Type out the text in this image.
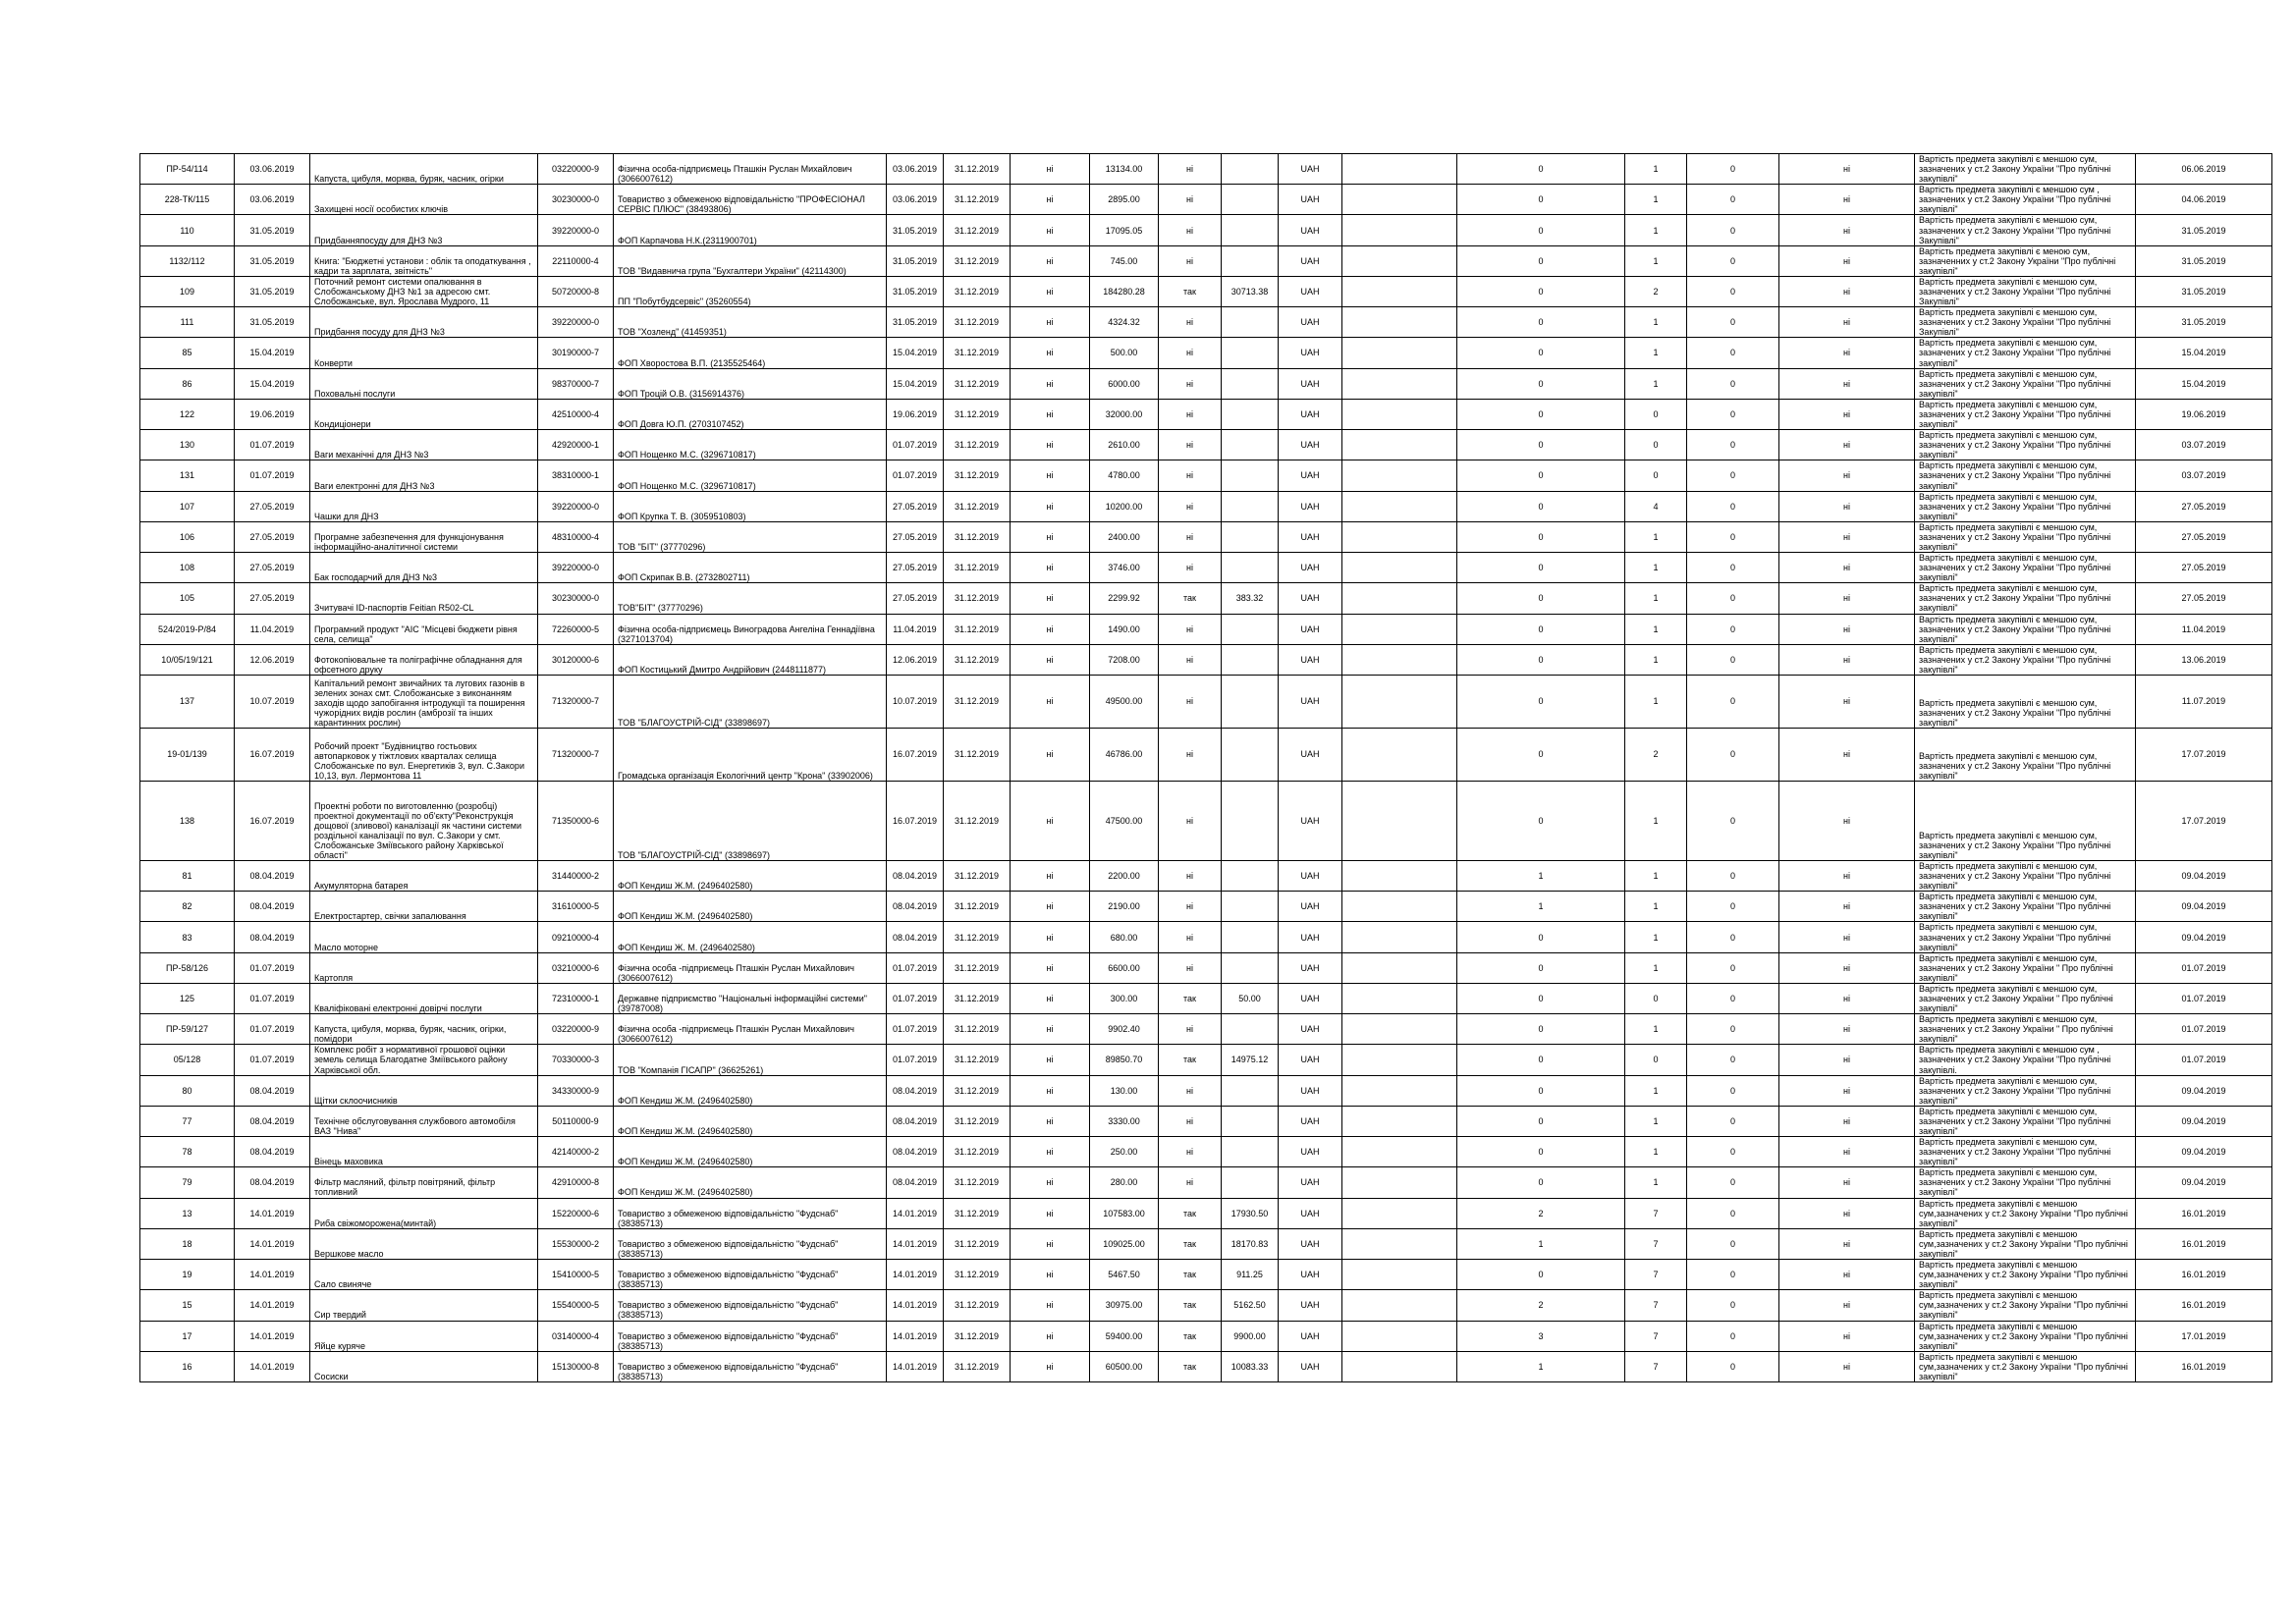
ПР-54/114	03.06.2019	Капуста, цибуля, морква, буряк, часник, огірки	03220000-9	Фізична особа-підприємець Пташкін Руслан Михайлович (3066007612)	03.06.2019	31.12.2019	ні	13134.00	ні		UAH		0	1	0	ні	Вартість предмета закупівлі є меншою сум, зазначених у ст.2 Закону України "Про публічні закупівлі"	06.06.2019
228-ТК/115	03.06.2019	Захищені носії особистих ключів	30230000-0	Товариство з обмеженою відповідальністю "ПРОФЕСІОНАЛ СЕРВІС ПЛЮС" (38493806)	03.06.2019	31.12.2019	ні	2895.00	ні		UAH		0	1	0	ні	Вартість предмета закупівлі є меншою сум , зазначених у ст.2 Закону України "Про публічні закупівлі"	04.06.2019
110	31.05.2019	Придбанняпосуду для ДНЗ №3	39220000-0	ФОП Карпачова Н.К.(2311900701)	31.05.2019	31.12.2019	ні	17095.05	ні		UAH		0	1	0	ні	Вартість предмета закупівлі є меншою сум, зазначених у ст.2 Закону України "Про публічні Закупівлі"	31.05.2019
1132/112	31.05.2019	Книга: "Бюджетні установи : облік та оподаткування , кадри та зарплата, звітність"	22110000-4	ТОВ "Видавнича група "Бухгалтери України" (42114300)	31.05.2019	31.12.2019	ні	745.00	ні		UAH		0	1	0	ні	Вартість предмета закупівлі є меною сум, зазначенних у ст.2 Закону України "Про публічні закупівлі"	31.05.2019
109	31.05.2019	Поточний ремонт системи опалювання в Слобожанському ДНЗ №1 за адресою смт. Слобожанське, вул. Ярослава Мудрого, 11	50720000-8	ПП "Побутбудсервіс" (35260554)	31.05.2019	31.12.2019	ні	184280.28	так	30713.38	UAH		0	2	0	ні	Вартість предмета закупівлі є меншою сум, зазначених у ст.2 Закону України "Про публічні Закупівлі"	31.05.2019
111	31.05.2019	Придбання посуду для ДНЗ №3	39220000-0	ТОВ "Хозленд" (41459351)	31.05.2019	31.12.2019	ні	4324.32	ні		UAH		0	1	0	ні	Вартість предмета закупівлі є меншою сум, зазначених у ст.2 Закону України "Про публічні Закупівлі"	31.05.2019
85	15.04.2019	Конверти	30190000-7	ФОП Хворостова В.П. (2135525464)	15.04.2019	31.12.2019	ні	500.00	ні		UAH		0	1	0	ні	Вартість предмета закупівлі є меншою сум, зазначених у ст.2 Закону України "Про публічні закупівлі"	15.04.2019
86	15.04.2019	Поховальні послуги	98370000-7	ФОП Троцій О.В. (3156914376)	15.04.2019	31.12.2019	ні	6000.00	ні		UAH		0	1	0	ні	Вартість предмета закупівлі є меншою сум, зазначених у ст.2 Закону України "Про публічні закупівлі"	15.04.2019
122	19.06.2019	Кондиціонери	42510000-4	ФОП Довга Ю.П. (2703107452)	19.06.2019	31.12.2019	ні	32000.00	ні		UAH		0	0	0	ні	Вартість предмета закупівлі є меншою сум, зазначених у ст.2 Закону України "Про публічні закупівлі"	19.06.2019
130	01.07.2019	Ваги механічні для ДНЗ №3	42920000-1	ФОП Нощенко М.С. (3296710817)	01.07.2019	31.12.2019	ні	2610.00	ні		UAH		0	0	0	ні	Вартість предмета закупівлі є меншою сум, зазначених у ст.2 Закону України "Про публічні закупівлі"	03.07.2019
131	01.07.2019	Ваги електронні для ДНЗ №3	38310000-1	ФОП Нощенко М.С. (3296710817)	01.07.2019	31.12.2019	ні	4780.00	ні		UAH		0	0	0	ні	Вартість предмета закупівлі є меншою сум, зазначених у ст.2 Закону України "Про публічні закупівлі"	03.07.2019
107	27.05.2019	Чашки для ДНЗ	39220000-0	ФОП Крупка Т. В. (3059510803)	27.05.2019	31.12.2019	ні	10200.00	ні		UAH		0	4	0	ні	Вартість предмета закупівлі є меншою сум, зазначених у ст.2 Закону України "Про публічні закупівлі"	27.05.2019
106	27.05.2019	Програмне забезпечення для функціонування інформаційно-аналітичної системи	48310000-4	ТОВ "БІТ" (37770296)	27.05.2019	31.12.2019	ні	2400.00	ні		UAH		0	1	0	ні	Вартість предмета закупівлі є меншою сум, зазначених у ст.2 Закону України "Про публічні закупівлі"	27.05.2019
108	27.05.2019	Бак господарчий для ДНЗ №3	39220000-0	ФОП Скрипак В.В. (2732802711)	27.05.2019	31.12.2019	ні	3746.00	ні		UAH		0	1	0	ні	Вартість предмета закупівлі є меншою сум, зазначених у ст.2 Закону України "Про публічні закупівлі"	27.05.2019
105	27.05.2019	Зчитувачі ID-паспортів Feitian R502-CL	30230000-0	ТОВ"БІТ" (37770296)	27.05.2019	31.12.2019	ні	2299.92	так	383.32	UAH		0	1	0	ні	Вартість предмета закупівлі є меншою сум, зазначених у ст.2 Закону України "Про публічні закупівлі"	27.05.2019
524/2019-Р/84	11.04.2019	Програмний продукт "АІС "Місцеві бюджети рівня села, селища"	72260000-5	Фізична особа-підприємець Виноградова Ангеліна Геннадіївна (3271013704)	11.04.2019	31.12.2019	ні	1490.00	ні		UAH		0	1	0	ні	Вартість предмета закупівлі є меншою сум, зазначених у ст.2 Закону України "Про публічні закупівлі"	11.04.2019
10/05/19/121	12.06.2019	Фотокопіювальне та поліграфічне обладнання для офсетного друку	30120000-6	ФОП Костицький Дмитро Андрійович (2448111877)	12.06.2019	31.12.2019	ні	7208.00	ні		UAH		0	1	0	ні	Вартість предмета закупівлі є меншою сум, зазначених у ст.2 Закону України "Про публічні закупівлі"	13.06.2019
137	10.07.2019	Капітальний ремонт звичайних та лугових газонів в зелених зонах смт. Слобожанське з виконанням заходів щодо запобігання інтродукції та поширення чужорідних видів рослин (амброзії та інших карантинних рослин)	71320000-7	ТОВ "БЛАГОУСТРІЙ-СІД" (33898697)	10.07.2019	31.12.2019	ні	49500.00	ні		UAH		0	1	0	ні	Вартість предмета закупівлі є меншою сум, зазначених у ст.2 Закону України "Про публічні закупівлі"	11.07.2019
19-01/139	16.07.2019	Робочий проект "Будівництво гостьових автопарковок у тіжтлових кварталах селища Слобожанське по вул. Енергетиків 3, вул. С.Закори 10,13, вул. Лермонтова 11	71320000-7	Громадська організація Екологічний центр "Крона" (33902006)	16.07.2019	31.12.2019	ні	46786.00	ні		UAH		0	2	0	ні	Вартість предмета закупівлі є меншою сум, зазначених у ст.2 Закону України "Про публічні закупівлі"	17.07.2019
138	16.07.2019	Проектні роботи по виготовленню (розробці) проектної документації по об'єкту"Реконструкція дощової (зливової) каналізації як частини системи роздільної каналізації по вул. С.Закори у смт. Слобожанське Зміївського району Харківської області"	71350000-6	ТОВ "БЛАГОУСТРІЙ-СІД" (33898697)	16.07.2019	31.12.2019	ні	47500.00	ні		UAH		0	1	0	ні	Вартість предмета закупівлі є меншою сум, зазначених у ст.2 Закону України "Про публічні закупівлі"	17.07.2019
81	08.04.2019	Акумуляторна батарея	31440000-2	ФОП Кендиш Ж.М. (2496402580)	08.04.2019	31.12.2019	ні	2200.00	ні		UAH		1	1	0	ні	Вартість предмета закупівлі є меншою сум, зазначених у ст.2 Закону України "Про публічні закупівлі"	09.04.2019
82	08.04.2019	Електростартер, свічки запалювання	31610000-5	ФОП Кендиш Ж.М. (2496402580)	08.04.2019	31.12.2019	ні	2190.00	ні		UAH		1	1	0	ні	Вартість предмета закупівлі є меншою сум, зазначених у ст.2 Закону України "Про публічні закупівлі"	09.04.2019
83	08.04.2019	Масло моторне	09210000-4	ФОП Кендиш Ж. М. (2496402580)	08.04.2019	31.12.2019	ні	680.00	ні		UAH		0	1	0	ні	Вартість предмета закупівлі є меншою сум, зазначених у ст.2 Закону України "Про публічні закупівлі"	09.04.2019
ПР-58/126	01.07.2019	Картопля	03210000-6	Фізична особа -підприємець Пташкін Руслан Михайлович (3066007612)	01.07.2019	31.12.2019	ні	6600.00	ні		UAH		0	1	0	ні	Вартість предмета закупівлі є меншою сум, зазначених у ст.2 Закону України " Про публічні закупівлі"	01.07.2019
125	01.07.2019	Кваліфіковані електронні довірчі послуги	72310000-1	Державне підприємство "Національні інформаційні системи" (39787008)	01.07.2019	31.12.2019	ні	300.00	так	50.00	UAH		0	0	0	ні	Вартість предмета закупівлі є меншою сум, зазначених у ст.2 Закону України " Про публічні закупівлі"	01.07.2019
ПР-59/127	01.07.2019	Капуста, цибуля, морква, буряк, часник, огірки, помідори	03220000-9	Фізична особа -підприємець Пташкін Руслан Михайлович (3066007612)	01.07.2019	31.12.2019	ні	9902.40	ні		UAH		0	1	0	ні	Вартість предмета закупівлі є меншою сум, зазначених у ст.2 Закону України " Про публічні закупівлі"	01.07.2019
05/128	01.07.2019	Комплекс робіт з нормативної грошової оцінки земель селища Благодатне Зміївського району Харківської обл.	70330000-3	ТОВ "Компанія ГІСАПР" (36625261)	01.07.2019	31.12.2019	ні	89850.70	так	14975.12	UAH		0	0	0	ні	Вартість предмета закупівлі є меншою сум , зазначених у ст.2 Закону України "Про публічні закупівлі.	01.07.2019
80	08.04.2019	Щітки склоочисників	34330000-9	ФОП Кендиш Ж.М. (2496402580)	08.04.2019	31.12.2019	ні	130.00	ні		UAH		0	1	0	ні	Вартість предмета закупівлі є меншою сум, зазначених у ст.2 Закону України "Про публічні закупівлі"	09.04.2019
77	08.04.2019	Технічне обслуговування службового автомобіля ВАЗ "Нива"	50110000-9	ФОП Кендиш Ж.М. (2496402580)	08.04.2019	31.12.2019	ні	3330.00	ні		UAH		0	1	0	ні	Вартість предмета закупівлі є меншою сум, зазначених у ст.2 Закону України "Про публічні закупівлі"	09.04.2019
78	08.04.2019	Вінець маховика	42140000-2	ФОП Кендиш Ж.М. (2496402580)	08.04.2019	31.12.2019	ні	250.00	ні		UAH		0	1	0	ні	Вартість предмета закупівлі є меншою сум, зазначених у ст.2 Закону України "Про публічні закупівлі"	09.04.2019
79	08.04.2019	Фільтр масляний, фільтр повітряний, фільтр топливний	42910000-8	ФОП Кендиш Ж.М. (2496402580)	08.04.2019	31.12.2019	ні	280.00	ні		UAH		0	1	0	ні	Вартість предмета закупівлі є меншою сум, зазначених у ст.2 Закону України "Про публічні закупівлі"	09.04.2019
13	14.01.2019	Риба свіжоморожена(минтай)	15220000-6	Товариство з обмеженою відповідальністю "Фудснаб" (38385713)	14.01.2019	31.12.2019	ні	107583.00	так	17930.50	UAH		2	7	0	ні	Вартість предмета закупівлі є меншою сум,зазначених у ст.2 Закону України "Про публічні закупівлі"	16.01.2019
18	14.01.2019	Вершкове масло	15530000-2	Товариство з обмеженою відповідальністю "Фудснаб" (38385713)	14.01.2019	31.12.2019	ні	109025.00	так	18170.83	UAH		1	7	0	ні	Вартість предмета закупівлі є меншою сум,зазначених у ст.2 Закону України "Про публічні закупівлі"	16.01.2019
19	14.01.2019	Сало свиняче	15410000-5	Товариство з обмеженою відповідальністю "Фудснаб" (38385713)	14.01.2019	31.12.2019	ні	5467.50	так	911.25	UAH		0	7	0	ні	Вартість предмета закупівлі є меншою сум,зазначених у ст.2 Закону України "Про публічні закупівлі"	16.01.2019
15	14.01.2019	Сир твердий	15540000-5	Товариство з обмеженою відповідальністю "Фудснаб" (38385713)	14.01.2019	31.12.2019	ні	30975.00	так	5162.50	UAH		2	7	0	ні	Вартість предмета закупівлі є меншою сум,зазначених у ст.2 Закону України "Про публічні закупівлі"	16.01.2019
17	14.01.2019	Яйце куряче	03140000-4	Товариство з обмеженою відповідальністю "Фудснаб" (38385713)	14.01.2019	31.12.2019	ні	59400.00	так	9900.00	UAH		3	7	0	ні	Вартість предмета закупівлі є меншою сум,зазначених у ст.2 Закону України "Про публічні закупівлі"	17.01.2019
16	14.01.2019	Сосиски	15130000-8	Товариство з обмеженою відповідальністю "Фудснаб" (38385713)	14.01.2019	31.12.2019	ні	60500.00	так	10083.33	UAH		1	7	0	ні	Вартість предмета закупівлі є меншою сум,зазначених у ст.2 Закону України "Про публічні закупівлі"	16.01.2019
